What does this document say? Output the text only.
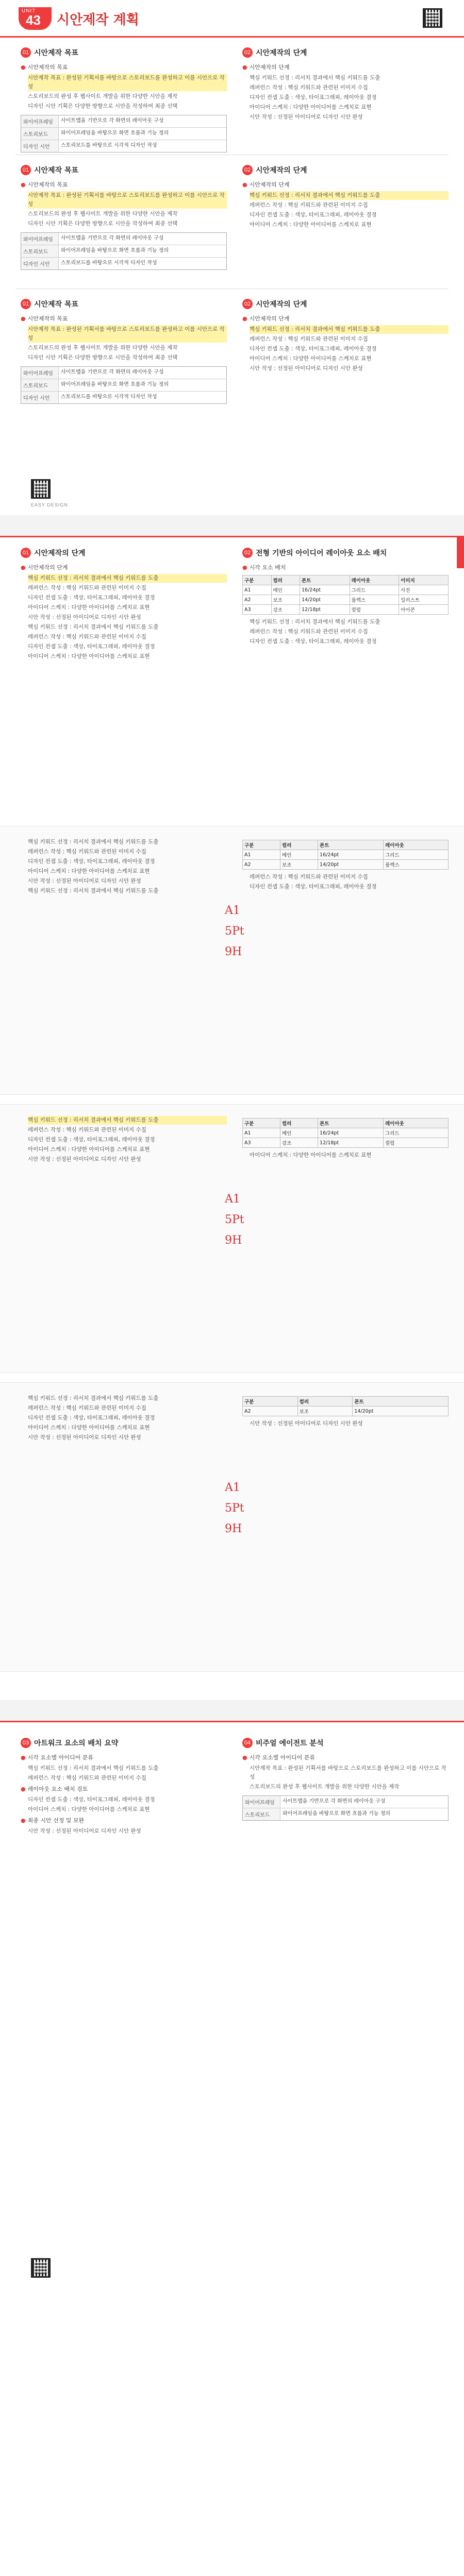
UNIT
43 시안제작 계획
01 시안제작 목표
● 시안제작의 목표
시안제작 목표 : 완성된 기획서를 바탕으로 스토리보드를 완성하고 이를 시안으로 작성
스토리보드의 완성 후 웹사이트 개발을 위한 다양한 시안을 제작
디자인 시안 기획은 다양한 방향으로 시안을 작성하여 최종 선택
와이어프레임	사이트맵을 기반으로 각 화면의 레이아웃 구성
스토리보드	와이어프레임을 바탕으로 화면 흐름과 기능 정의
디자인 시안	스토리보드를 바탕으로 시각적 디자인 작성
02 시안제작의 단계
● 시안제작의 단계
핵심 키워드 선정 : 리서치 결과에서 핵심 키워드를 도출
레퍼런스 작성 : 핵심 키워드와 관련된 이미지 수집
디자인 컨셉 도출 : 색상, 타이포그래피, 레이아웃 결정
아이디어 스케치 : 다양한 아이디어를 스케치로 표현
시안 작성 : 선정된 아이디어로 디자인 시안 완성
01 시안제작 목표
● 시안제작의 목표
시안제작 목표 : 완성된 기획서를 바탕으로 스토리보드를 완성하고 이를 시안으로 작성
스토리보드의 완성 후 웹사이트 개발을 위한 다양한 시안을 제작
디자인 시안 기획은 다양한 방향으로 시안을 작성하여 최종 선택
와이어프레임	사이트맵을 기반으로 각 화면의 레이아웃 구성
스토리보드	와이어프레임을 바탕으로 화면 흐름과 기능 정의
디자인 시안	스토리보드를 바탕으로 시각적 디자인 작성
02 시안제작의 단계
● 시안제작의 단계
핵심 키워드 선정 : 리서치 결과에서 핵심 키워드를 도출
레퍼런스 작성 : 핵심 키워드와 관련된 이미지 수집
디자인 컨셉 도출 : 색상, 타이포그래피, 레이아웃 결정
아이디어 스케치 : 다양한 아이디어를 스케치로 표현
01 시안제작 목표
● 시안제작의 목표
시안제작 목표 : 완성된 기획서를 바탕으로 스토리보드를 완성하고 이를 시안으로 작성
스토리보드의 완성 후 웹사이트 개발을 위한 다양한 시안을 제작
디자인 시안 기획은 다양한 방향으로 시안을 작성하여 최종 선택
와이어프레임	사이트맵을 기반으로 각 화면의 레이아웃 구성
스토리보드	와이어프레임을 바탕으로 화면 흐름과 기능 정의
디자인 시안	스토리보드를 바탕으로 시각적 디자인 작성
02 시안제작의 단계
● 시안제작의 단계
핵심 키워드 선정 : 리서치 결과에서 핵심 키워드를 도출
레퍼런스 작성 : 핵심 키워드와 관련된 이미지 수집
디자인 컨셉 도출 : 색상, 타이포그래피, 레이아웃 결정
아이디어 스케치 : 다양한 아이디어를 스케치로 표현
시안 작성 : 선정된 아이디어로 디자인 시안 완성
EASY DESIGN
01 시안제작의 단계
● 시안제작의 단계
핵심 키워드 선정 : 리서치 결과에서 핵심 키워드를 도출
레퍼런스 작성 : 핵심 키워드와 관련된 이미지 수집
디자인 컨셉 도출 : 색상, 타이포그래피, 레이아웃 결정
아이디어 스케치 : 다양한 아이디어를 스케치로 표현
시안 작성 : 선정된 아이디어로 디자인 시안 완성
핵심 키워드 선정 : 리서치 결과에서 핵심 키워드를 도출
레퍼런스 작성 : 핵심 키워드와 관련된 이미지 수집
디자인 컨셉 도출 : 색상, 타이포그래피, 레이아웃 결정
아이디어 스케치 : 다양한 아이디어를 스케치로 표현
02 전형 기반의 아이디어 레이아웃 요소 배치
● 시각 요소 배치
구분	컬러	폰트	레이아웃	이미지
A1	메인	16/24pt	그리드	사진
A2	보조	14/20pt	플렉스	일러스트
A3	강조	12/18pt	컬럼	아이콘
핵심 키워드 선정 : 리서치 결과에서 핵심 키워드를 도출
레퍼런스 작성 : 핵심 키워드와 관련된 이미지 수집
디자인 컨셉 도출 : 색상, 타이포그래피, 레이아웃 결정
핵심 키워드 선정 : 리서치 결과에서 핵심 키워드를 도출
레퍼런스 작성 : 핵심 키워드와 관련된 이미지 수집
디자인 컨셉 도출 : 색상, 타이포그래피, 레이아웃 결정
아이디어 스케치 : 다양한 아이디어를 스케치로 표현
시안 작성 : 선정된 아이디어로 디자인 시안 완성
핵심 키워드 선정 : 리서치 결과에서 핵심 키워드를 도출
구분	컬러	폰트	레이아웃
A1	메인	16/24pt	그리드
A2	보조	14/20pt	플렉스
레퍼런스 작성 : 핵심 키워드와 관련된 이미지 수집
디자인 컨셉 도출 : 색상, 타이포그래피, 레이아웃 결정
A1
5Pt
9H
핵심 키워드 선정 : 리서치 결과에서 핵심 키워드를 도출
레퍼런스 작성 : 핵심 키워드와 관련된 이미지 수집
디자인 컨셉 도출 : 색상, 타이포그래피, 레이아웃 결정
아이디어 스케치 : 다양한 아이디어를 스케치로 표현
시안 작성 : 선정된 아이디어로 디자인 시안 완성
구분	컬러	폰트	레이아웃
A1	메인	16/24pt	그리드
A3	강조	12/18pt	컬럼
아이디어 스케치 : 다양한 아이디어를 스케치로 표현
A1
5Pt
9H
핵심 키워드 선정 : 리서치 결과에서 핵심 키워드를 도출
레퍼런스 작성 : 핵심 키워드와 관련된 이미지 수집
디자인 컨셉 도출 : 색상, 타이포그래피, 레이아웃 결정
아이디어 스케치 : 다양한 아이디어를 스케치로 표현
시안 작성 : 선정된 아이디어로 디자인 시안 완성
구분	컬러	폰트
A2	보조	14/20pt
시안 작성 : 선정된 아이디어로 디자인 시안 완성
A1
5Pt
9H
03 아트워크 요소의 배치 요약
● 시각 요소별 아이디어 분류
핵심 키워드 선정 : 리서치 결과에서 핵심 키워드를 도출
레퍼런스 작성 : 핵심 키워드와 관련된 이미지 수집
● 레이아웃 요소 배치 검토
디자인 컨셉 도출 : 색상, 타이포그래피, 레이아웃 결정
아이디어 스케치 : 다양한 아이디어를 스케치로 표현
● 최종 시안 선정 및 보완
시안 작성 : 선정된 아이디어로 디자인 시안 완성
04 비주얼 에이전트 분석
● 시각 요소별 아이디어 분류
시안제작 목표 : 완성된 기획서를 바탕으로 스토리보드를 완성하고 이를 시안으로 작성
스토리보드의 완성 후 웹사이트 개발을 위한 다양한 시안을 제작
와이어프레임	사이트맵을 기반으로 각 화면의 레이아웃 구성
스토리보드	와이어프레임을 바탕으로 화면 흐름과 기능 정의
